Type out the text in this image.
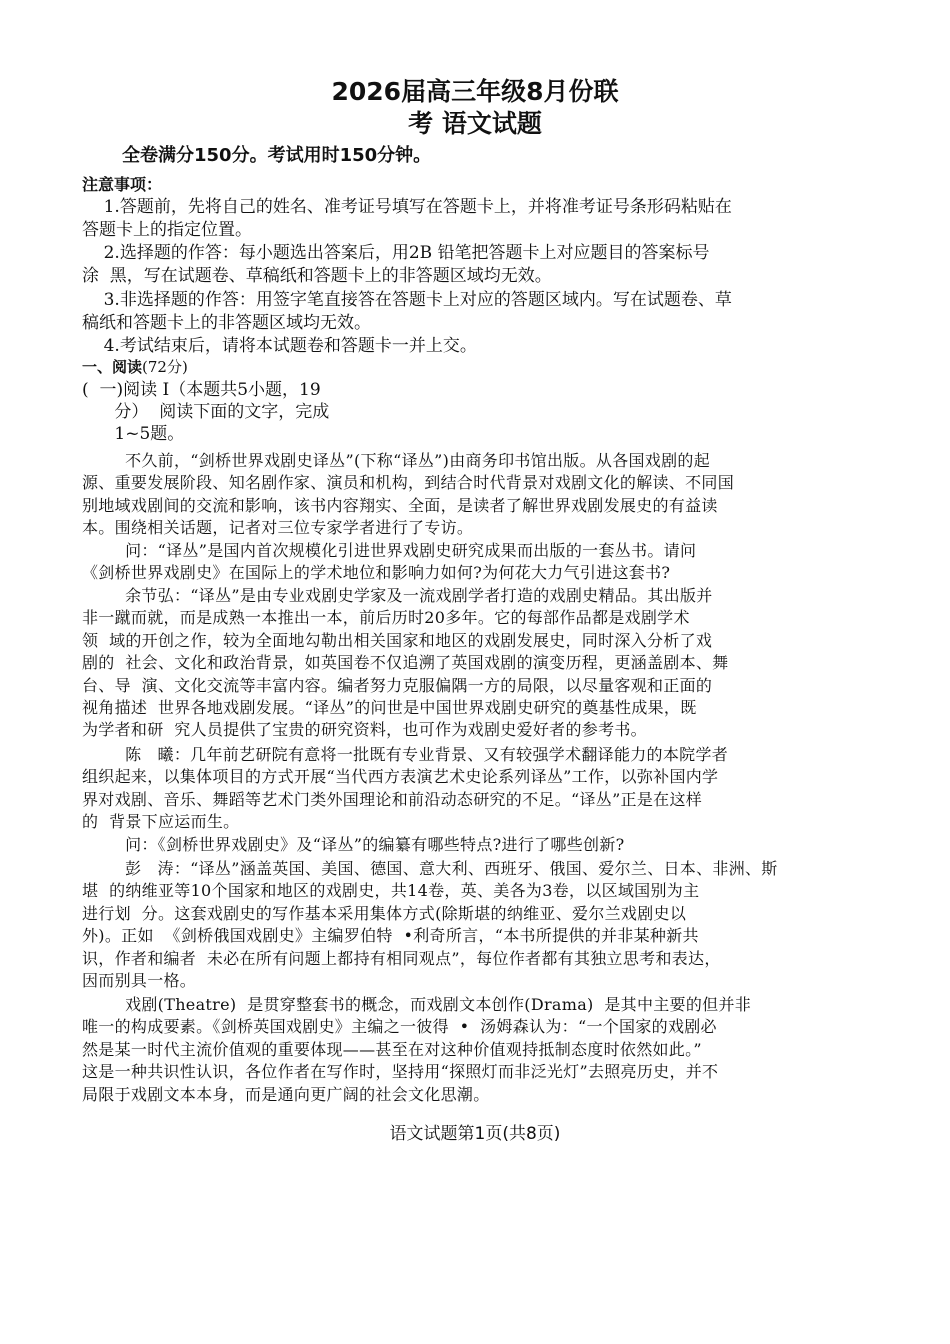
2026届高三年级8月份联
考 语文试题
全卷满分150分。考试用时150分钟。
注意事项：
1.答题前，先将自己的姓名、准考证号填写在答题卡上，并将准考证号条形码粘贴在
答题卡上的指定位置。
2.选择题的作答：每小题选出答案后，用2B 铅笔把答题卡上对应题目的答案标号
涂  黑，写在试题卷、草稿纸和答题卡上的非答题区域均无效。
3.非选择题的作答：用签字笔直接答在答题卡上对应的答题区域内。写在试题卷、草
稿纸和答题卡上的非答题区域均无效。
4.考试结束后，请将本试题卷和答题卡一并上交。
一、阅读(72分)
(  一)阅读 I（本题共5小题，19
分）  阅读下面的文字，完成
1~5题。
不久前，“剑桥世界戏剧史译丛”(下称“译丛”)由商务印书馆出版。从各国戏剧的起
源、重要发展阶段、知名剧作家、演员和机构，到结合时代背景对戏剧文化的解读、不同国
别地域戏剧间的交流和影响，该书内容翔实、全面，是读者了解世界戏剧发展史的有益读
本。围绕相关话题，记者对三位专家学者进行了专访。
问：“译丛”是国内首次规模化引进世界戏剧史研究成果而出版的一套丛书。请问
《剑桥世界戏剧史》在国际上的学术地位和影响力如何?为何花大力气引进这套书?
余节弘：“译丛”是由专业戏剧史学家及一流戏剧学者打造的戏剧史精品。其出版并
非一蹴而就，而是成熟一本推出一本，前后历时20多年。它的每部作品都是戏剧学术
领  域的开创之作，较为全面地勾勒出相关国家和地区的戏剧发展史，同时深入分析了戏
剧的  社会、文化和政治背景，如英国卷不仅追溯了英国戏剧的演变历程，更涵盖剧本、舞
台、导  演、文化交流等丰富内容。编者努力克服偏隅一方的局限，以尽量客观和正面的
视角描述  世界各地戏剧发展。“译丛”的问世是中国世界戏剧史研究的奠基性成果，既
为学者和研  究人员提供了宝贵的研究资料，也可作为戏剧史爱好者的参考书。
陈   曦：几年前艺研院有意将一批既有专业背景、又有较强学术翻译能力的本院学者
组织起来，以集体项目的方式开展“当代西方表演艺术史论系列译丛”工作，以弥补国内学
界对戏剧、音乐、舞蹈等艺术门类外国理论和前沿动态研究的不足。“译丛”正是在这样
的  背景下应运而生。
问：《剑桥世界戏剧史》及“译丛”的编纂有哪些特点?进行了哪些创新?
彭   涛：“译丛”涵盖英国、美国、德国、意大利、西班牙、俄国、爱尔兰、日本、非洲、斯
堪  的纳维亚等10个国家和地区的戏剧史，共14卷，英、美各为3卷，以区域国别为主
进行划  分。这套戏剧史的写作基本采用集体方式(除斯堪的纳维亚、爱尔兰戏剧史以
外)。正如  《剑桥俄国戏剧史》主编罗伯特  •利奇所言，“本书所提供的并非某种新共
识，作者和编者  未必在所有问题上都持有相同观点”，每位作者都有其独立思考和表达，
因而别具一格。
戏剧(Theatre)  是贯穿整套书的概念，而戏剧文本创作(Drama)  是其中主要的但并非
唯一的构成要素。《剑桥英国戏剧史》主编之一彼得  •  汤姆森认为：“一个国家的戏剧必
然是某一时代主流价值观的重要体现——甚至在对这种价值观持抵制态度时依然如此。”
这是一种共识性认识，各位作者在写作时，坚持用“探照灯而非泛光灯”去照亮历史，并不
局限于戏剧文本本身，而是通向更广阔的社会文化思潮。
语文试题第1页(共8页)
